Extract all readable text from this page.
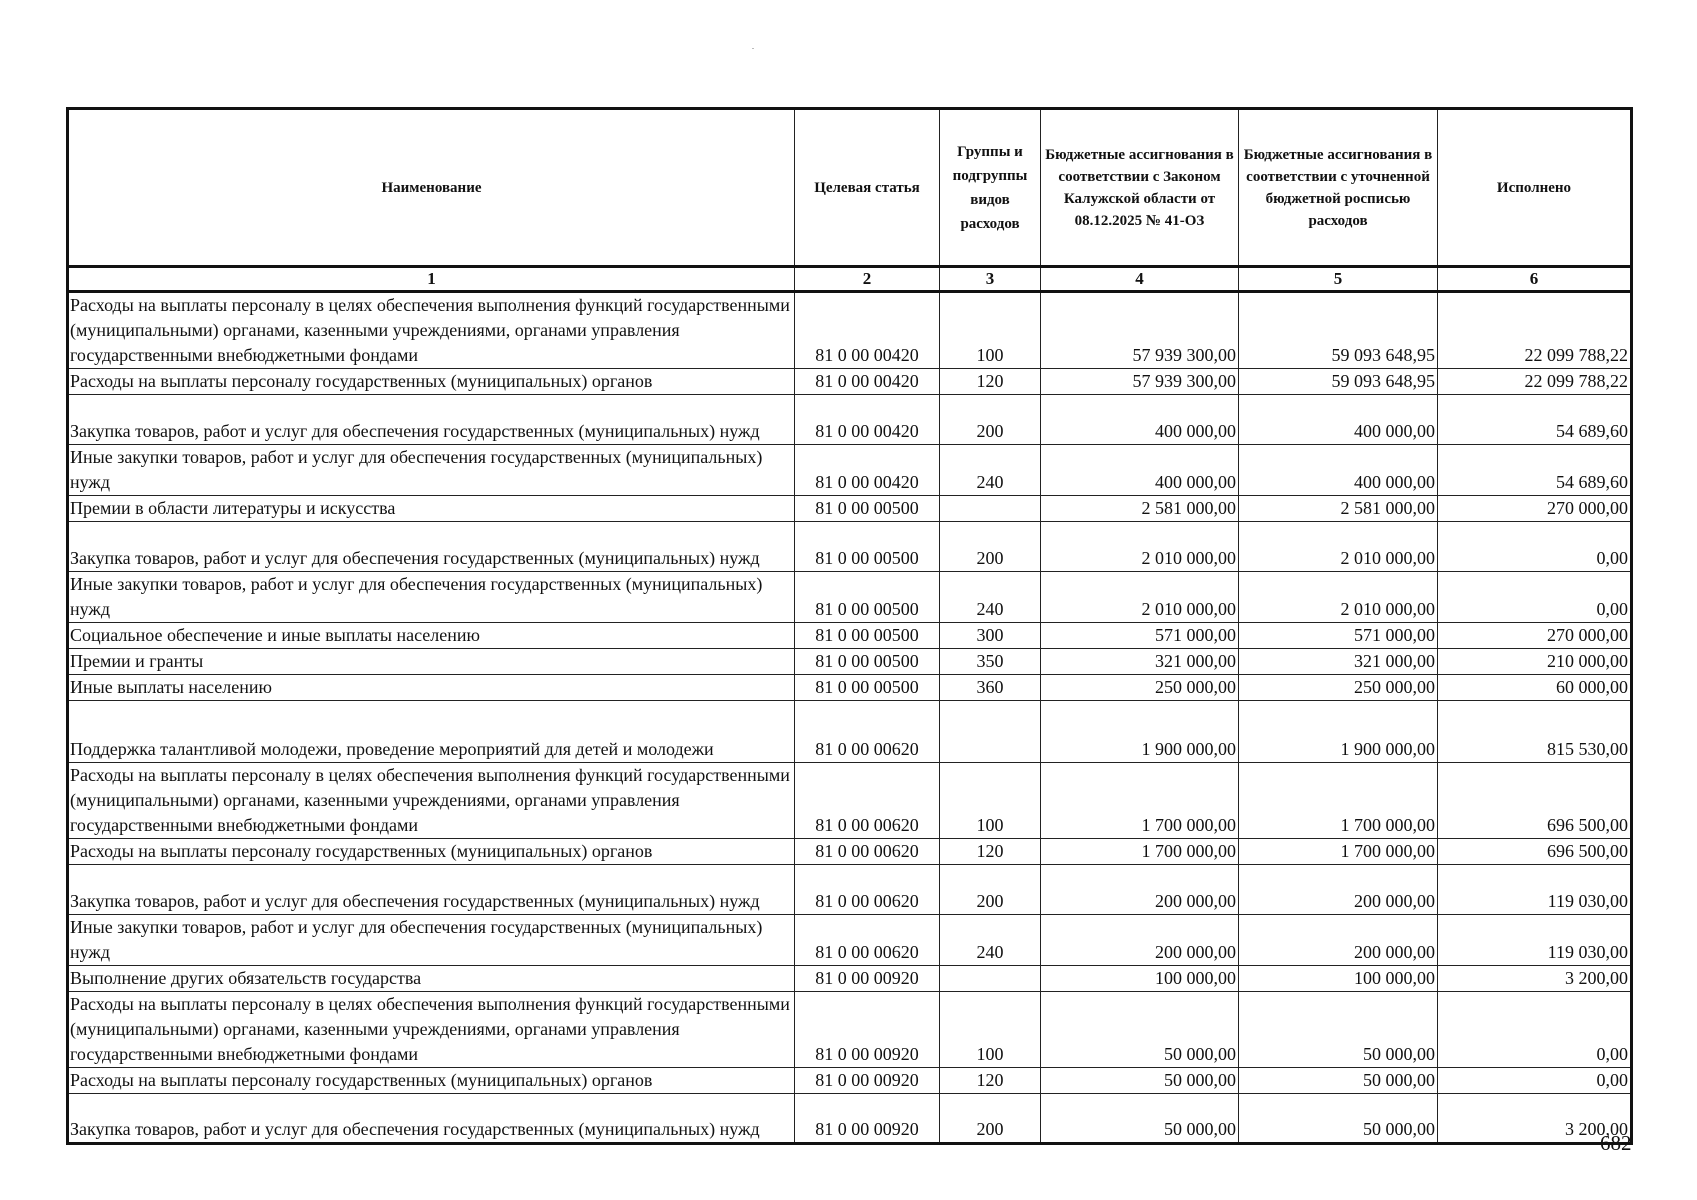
Наименование	Целевая статья	Группы и подгруппы видов расходов	Бюджетные ассигнования в соответствии с Законом Калужской области от 08.12.2025 № 41-ОЗ	Бюджетные ассигнования в соответствии с уточненной бюджетной росписью расходов	Исполнено
1	2	3	4	5	6
Расходы на выплаты персоналу в целях обеспечения выполнения функций государственными (муниципальными) органами, казенными учреждениями, органами управления государственными внебюджетными фондами	81 0 00 00420	100	57 939 300,00	59 093 648,95	22 099 788,22
Расходы на выплаты персоналу государственных (муниципальных) органов	81 0 00 00420	120	57 939 300,00	59 093 648,95	22 099 788,22
Закупка товаров, работ и услуг для обеспечения государственных (муниципальных) нужд	81 0 00 00420	200	400 000,00	400 000,00	54 689,60
Иные закупки товаров, работ и услуг для обеспечения государственных (муниципальных) нужд	81 0 00 00420	240	400 000,00	400 000,00	54 689,60
Премии в области литературы и искусства	81 0 00 00500		2 581 000,00	2 581 000,00	270 000,00
Закупка товаров, работ и услуг для обеспечения государственных (муниципальных) нужд	81 0 00 00500	200	2 010 000,00	2 010 000,00	0,00
Иные закупки товаров, работ и услуг для обеспечения государственных (муниципальных) нужд	81 0 00 00500	240	2 010 000,00	2 010 000,00	0,00
Социальное обеспечение и иные выплаты населению	81 0 00 00500	300	571 000,00	571 000,00	270 000,00
Премии и гранты	81 0 00 00500	350	321 000,00	321 000,00	210 000,00
Иные выплаты населению	81 0 00 00500	360	250 000,00	250 000,00	60 000,00
Поддержка талантливой молодежи, проведение мероприятий для детей и молодежи	81 0 00 00620		1 900 000,00	1 900 000,00	815 530,00
Расходы на выплаты персоналу в целях обеспечения выполнения функций государственными (муниципальными) органами, казенными учреждениями, органами управления государственными внебюджетными фондами	81 0 00 00620	100	1 700 000,00	1 700 000,00	696 500,00
Расходы на выплаты персоналу государственных (муниципальных) органов	81 0 00 00620	120	1 700 000,00	1 700 000,00	696 500,00
Закупка товаров, работ и услуг для обеспечения государственных (муниципальных) нужд	81 0 00 00620	200	200 000,00	200 000,00	119 030,00
Иные закупки товаров, работ и услуг для обеспечения государственных (муниципальных) нужд	81 0 00 00620	240	200 000,00	200 000,00	119 030,00
Выполнение других обязательств государства	81 0 00 00920		100 000,00	100 000,00	3 200,00
Расходы на выплаты персоналу в целях обеспечения выполнения функций государственными (муниципальными) органами, казенными учреждениями, органами управления государственными внебюджетными фондами	81 0 00 00920	100	50 000,00	50 000,00	0,00
Расходы на выплаты персоналу государственных (муниципальных) органов	81 0 00 00920	120	50 000,00	50 000,00	0,00
Закупка товаров, работ и услуг для обеспечения государственных (муниципальных) нужд	81 0 00 00920	200	50 000,00	50 000,00	3 200,00
682
